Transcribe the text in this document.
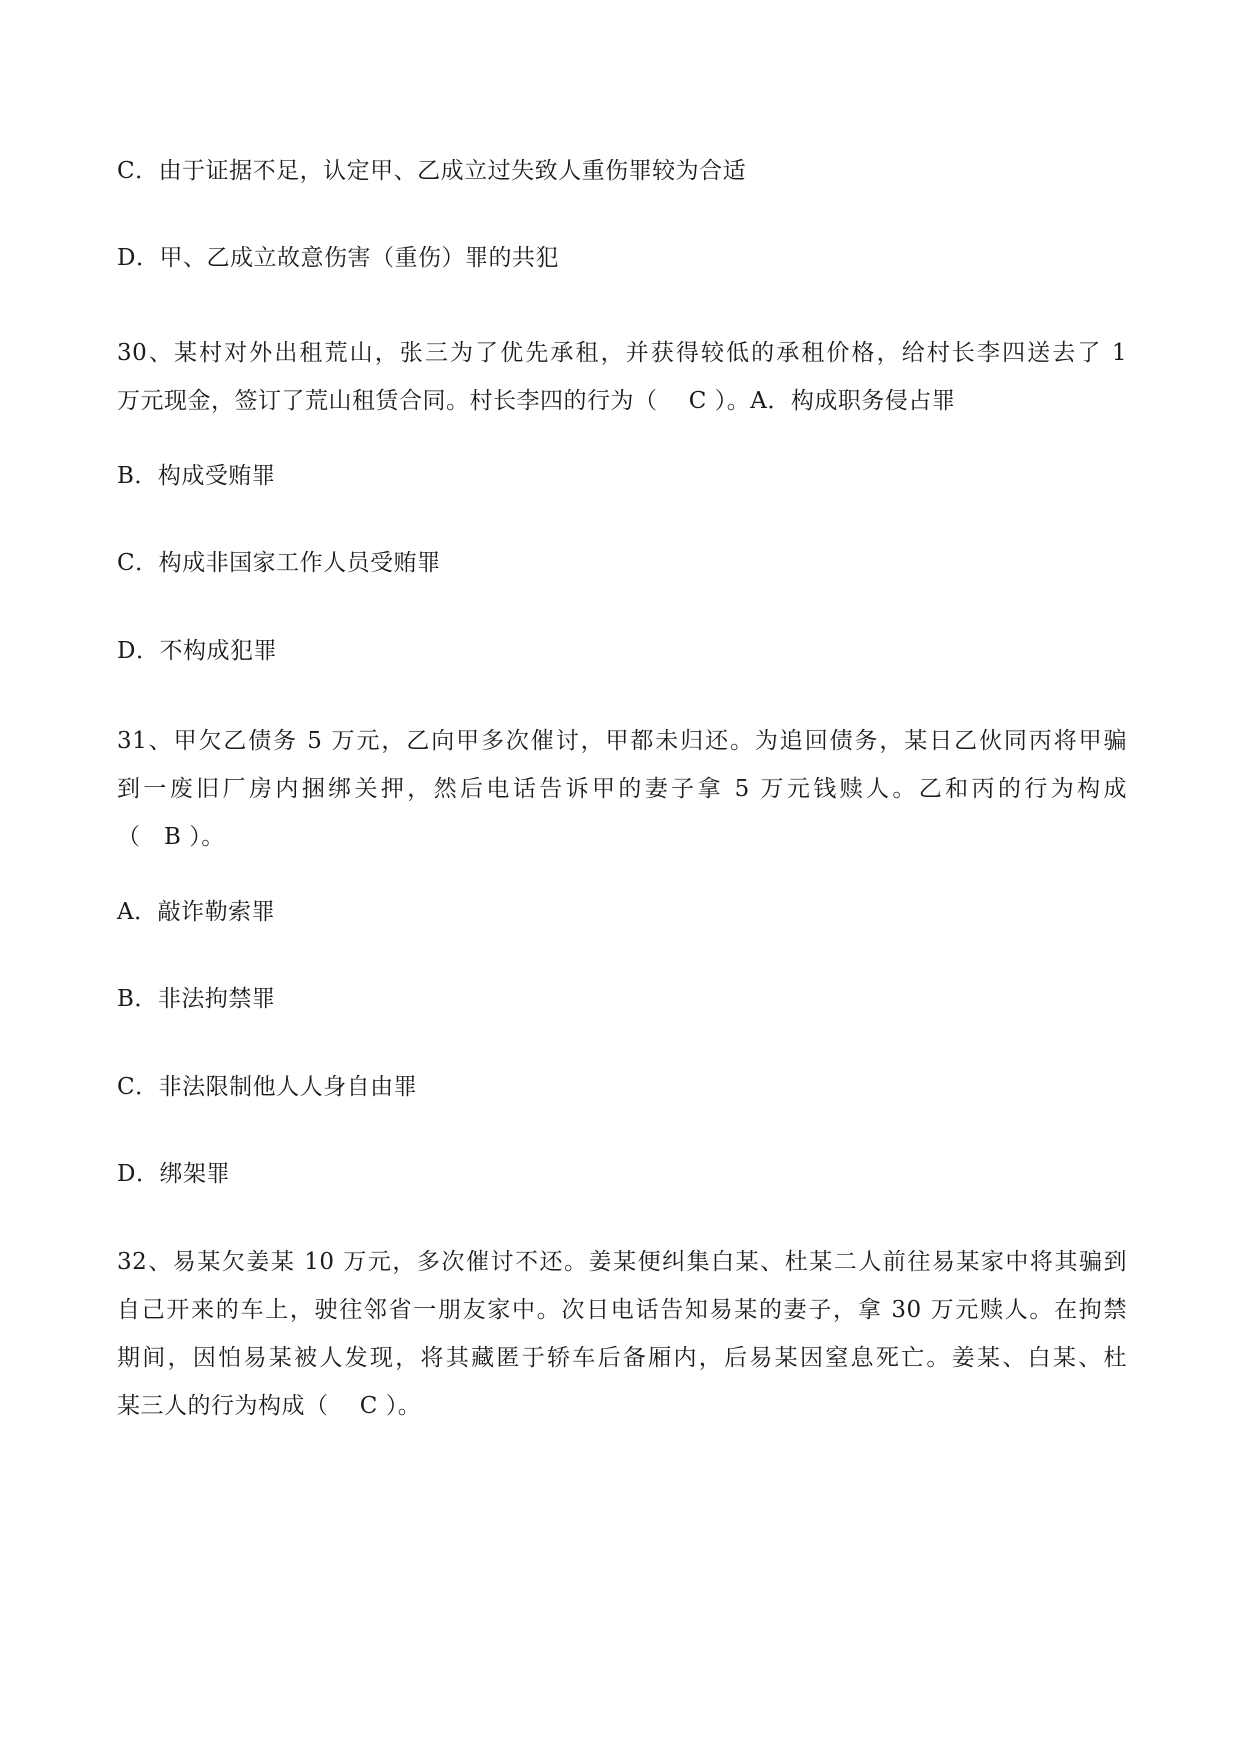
C．由于证据不足，认定甲、乙成立过失致人重伤罪较为合适
D．甲、乙成立故意伤害（重伤）罪的共犯
30、某村对外出租荒山，张三为了优先承租，并获得较低的承租价格，给村长李四送去了 1
万元现金，签订了荒山租赁合同。村长李四的行为（　 C ）。A．构成职务侵占罪
B．构成受贿罪
C．构成非国家工作人员受贿罪
D．不构成犯罪
31、甲欠乙债务 5 万元，乙向甲多次催讨，甲都未归还。为追回债务，某日乙伙同丙将甲骗
到一废旧厂房内捆绑关押，然后电话告诉甲的妻子拿 5 万元钱赎人。乙和丙的行为构成
（　B ）。
A．敲诈勒索罪
B．非法拘禁罪
C．非法限制他人人身自由罪
D．绑架罪
32、易某欠姜某 10 万元，多次催讨不还。姜某便纠集白某、杜某二人前往易某家中将其骗到
自己开来的车上，驶往邻省一朋友家中。次日电话告知易某的妻子，拿 30 万元赎人。在拘禁
期间，因怕易某被人发现，将其藏匿于轿车后备厢内，后易某因窒息死亡。姜某、白某、杜
某三人的行为构成（　 C ）。
